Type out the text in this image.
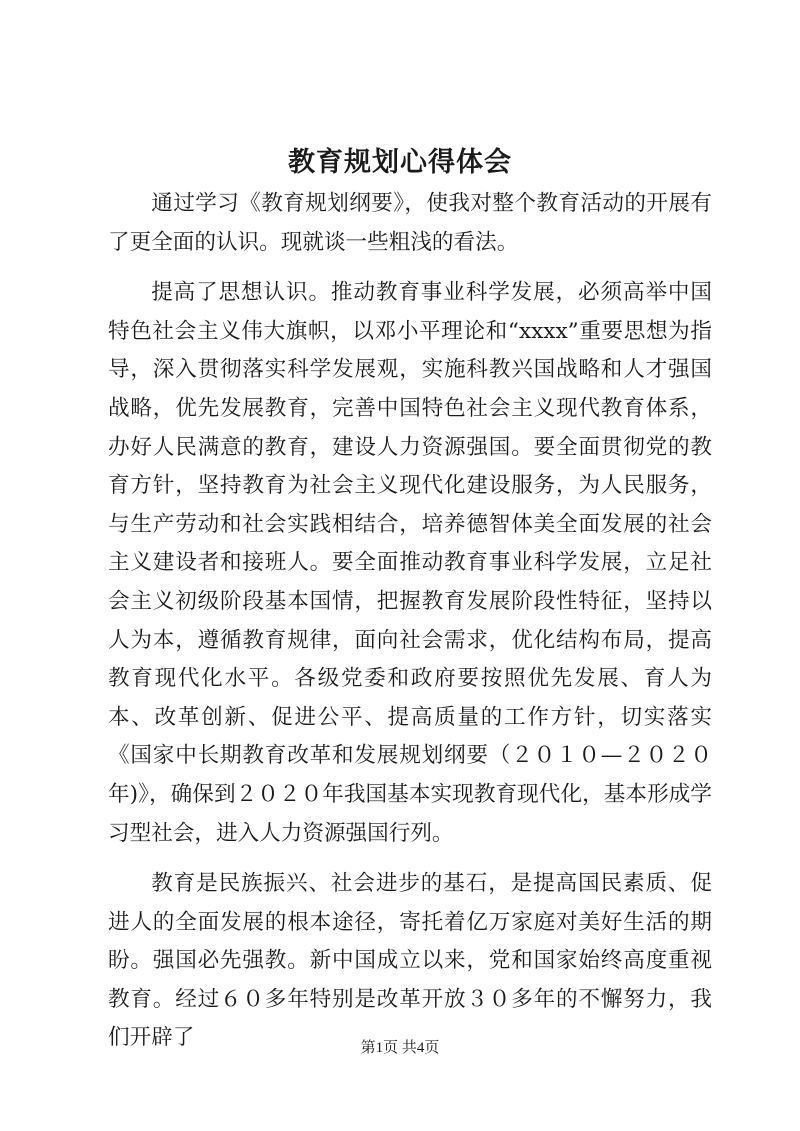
教育规划心得体会

通过学习《教育规划纲要》，使我对整个教育活动的开展有了更全面的认识。现就谈一些粗浅的看法。

提高了思想认识。推动教育事业科学发展，必须高举中国特色社会主义伟大旗帜，以邓小平理论和“xxxx”重要思想为指导，深入贯彻落实科学发展观，实施科教兴国战略和人才强国战略，优先发展教育，完善中国特色社会主义现代教育体系，办好人民满意的教育，建设人力资源强国。要全面贯彻党的教育方针，坚持教育为社会主义现代化建设服务，为人民服务，与生产劳动和社会实践相结合，培养德智体美全面发展的社会主义建设者和接班人。要全面推动教育事业科学发展，立足社会主义初级阶段基本国情，把握教育发展阶段性特征，坚持以人为本，遵循教育规律，面向社会需求，优化结构布局，提高教育现代化水平。各级党委和政府要按照优先发展、育人为本、改革创新、促进公平、提高质量的工作方针，切实落实《国家中长期教育改革和发展规划纲要（２０１０—２０２０年)》，确保到２０２０年我国基本实现教育现代化，基本形成学习型社会，进入人力资源强国行列。

教育是民族振兴、社会进步的基石，是提高国民素质、促进人的全面发展的根本途径，寄托着亿万家庭对美好生活的期盼。强国必先强教。新中国成立以来，党和国家始终高度重视教育。经过６０多年特别是改革开放３０多年的不懈努力，我们开辟了	第1页 共4页
